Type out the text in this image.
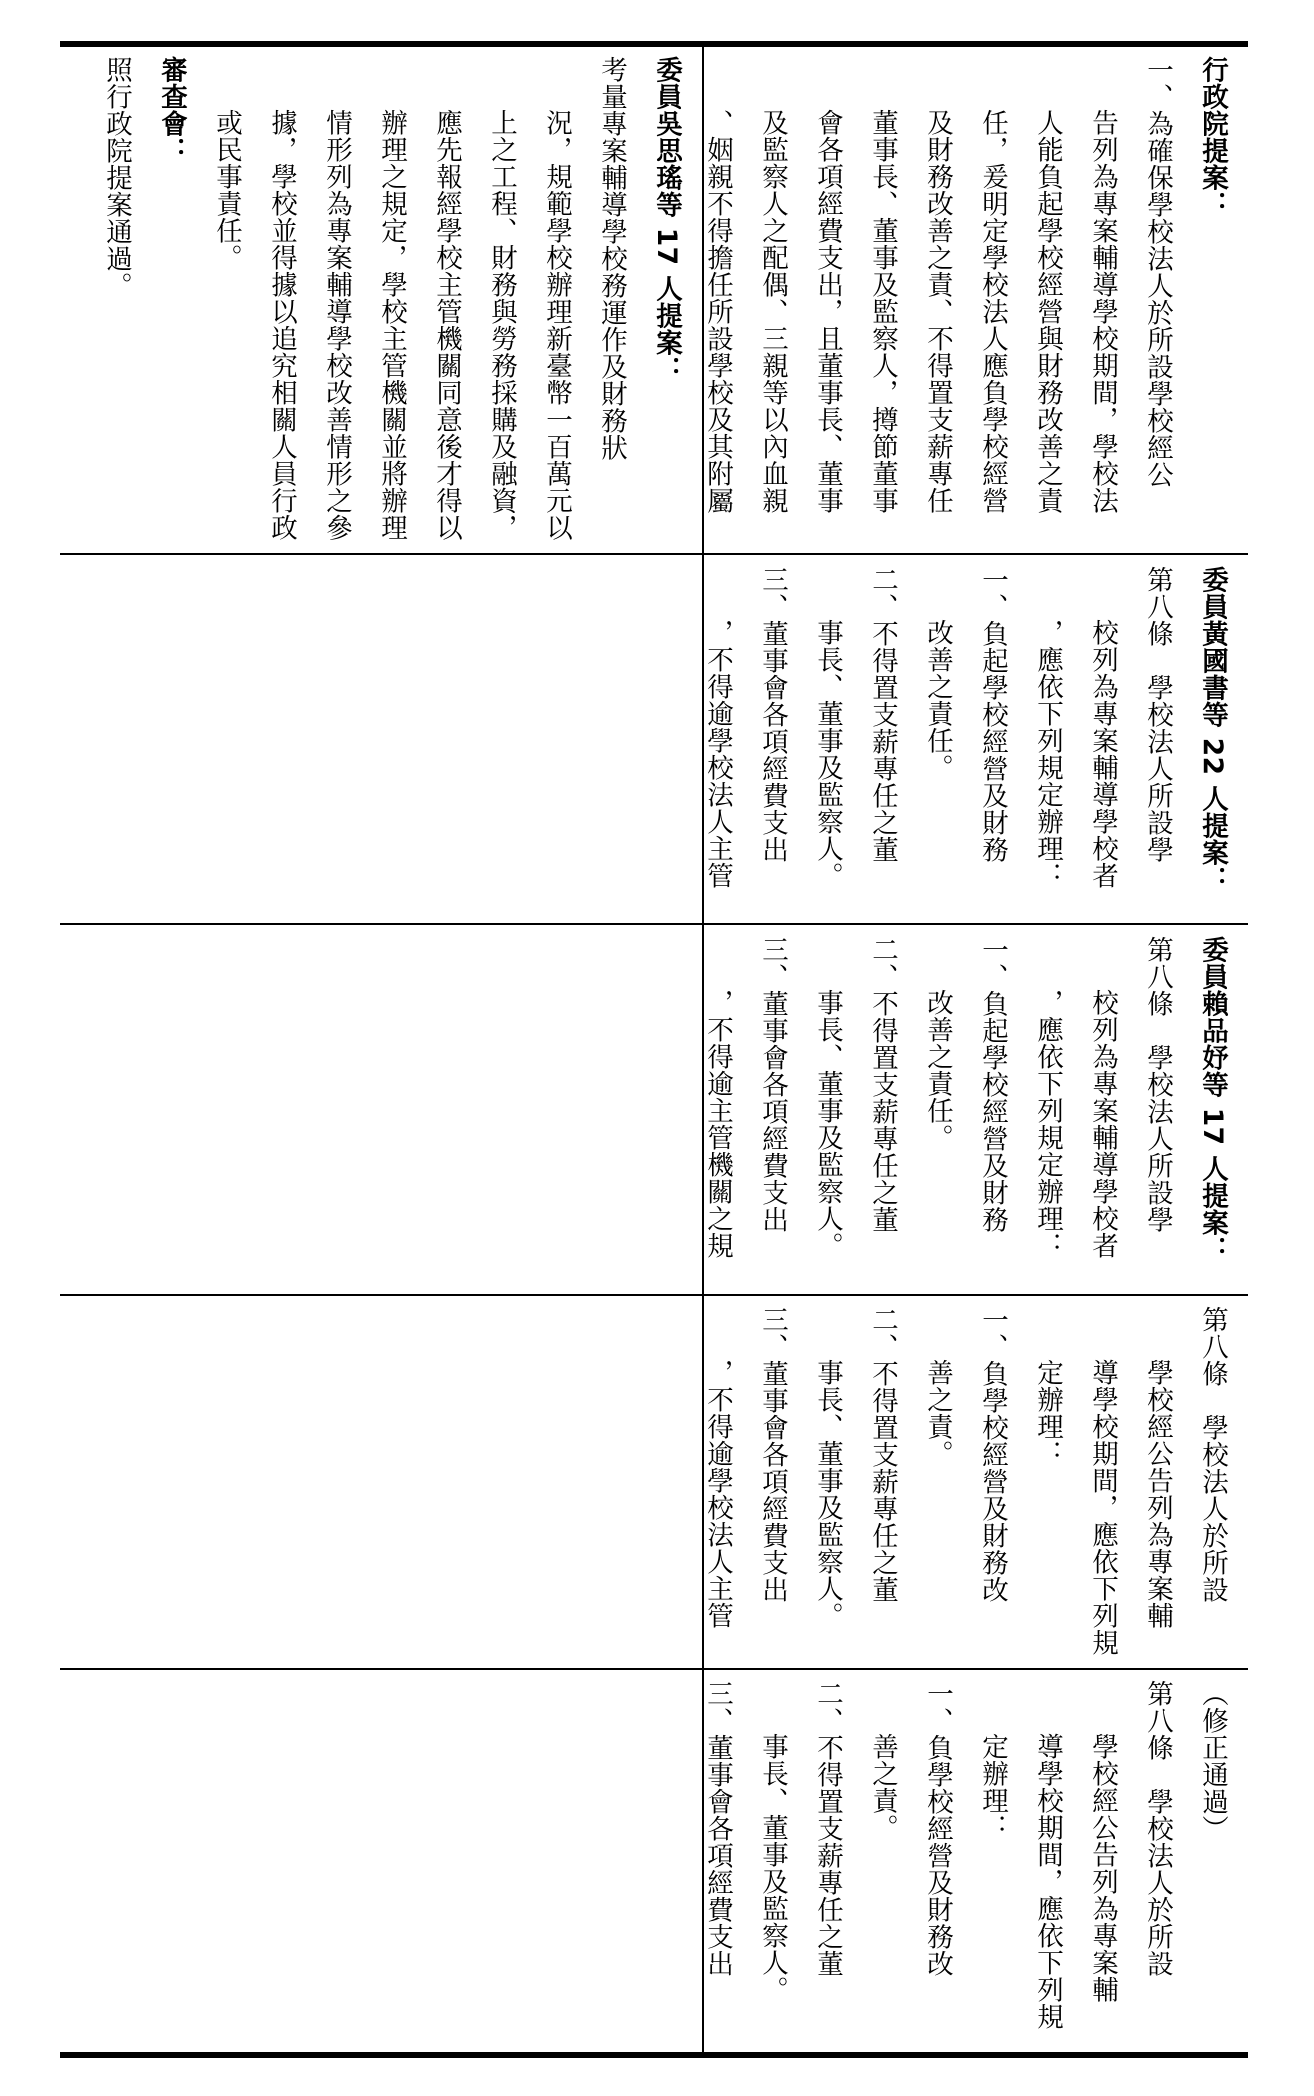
委員黃國書等 22 人提案：
第八條　學校法人所設學
校列為專案輔導學校者
，應依下列規定辦理：
一、負起學校經營及財務
改善之責任。
二、不得置支薪專任之董
事長、董事及監察人。
三、董事會各項經費支出
，不得逾學校法人主管
委員賴品妤等 17 人提案：
第八條　學校法人所設學
校列為專案輔導學校者
，應依下列規定辦理：
一、負起學校經營及財務
改善之責任。
二、不得置支薪專任之董
事長、董事及監察人。
三、董事會各項經費支出
，不得逾主管機關之規
第八條　學校法人於所設
學校經公告列為專案輔
導學校期間，應依下列規
定辦理：
一、負學校經營及財務改
善之責。
二、不得置支薪專任之董
事長、董事及監察人。
三、董事會各項經費支出
，不得逾學校法人主管
（修正通過）
第八條　學校法人於所設
學校經公告列為專案輔
導學校期間，應依下列規
定辦理：
一、負學校經營及財務改
善之責。
二、不得置支薪專任之董
事長、董事及監察人。
三、董事會各項經費支出
行政院提案：
一、為確保學校法人於所設學校經公
告列為專案輔導學校期間，學校法
人能負起學校經營與財務改善之責
任，爰明定學校法人應負學校經營
及財務改善之責、不得置支薪專任
董事長、董事及監察人，撙節董事
會各項經費支出，且董事長、董事
及監察人之配偶、三親等以內血親
、姻親不得擔任所設學校及其附屬
委員吳思瑤等 17 人提案：
考量專案輔導學校務運作及財務狀
況，規範學校辦理新臺幣一百萬元以
上之工程、財務與勞務採購及融資，
應先報經學校主管機關同意後才得以
辦理之規定，學校主管機關並將辦理
情形列為專案輔導學校改善情形之參
據，學校並得據以追究相關人員行政
或民事責任。
審查會：
照行政院提案通過。
